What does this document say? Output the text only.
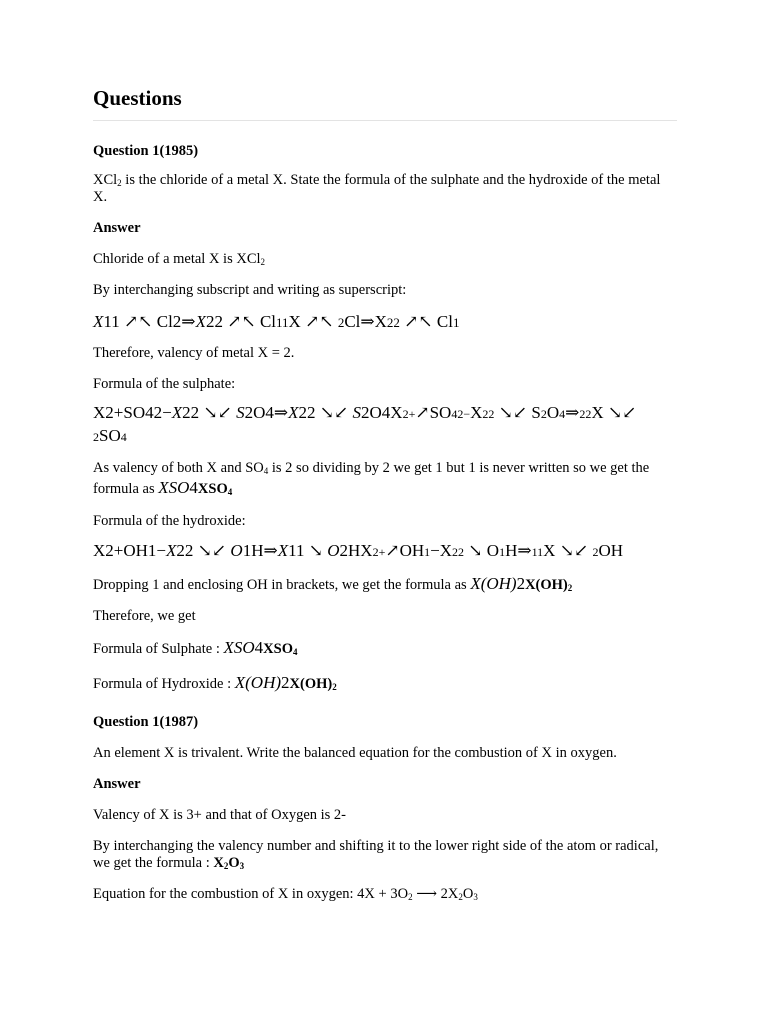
Questions
Question 1(1985)
XCl$_2$ is the chloride of a metal X. State the formula of the sulphate and the hydroxide of the metal X.
Answer
Chloride of a metal X is XCl$_2$
By interchanging subscript and writing as superscript:
X11 ↗↖ Cl2⇒X22 ↗↖ Cl11X ↗↖ 2Cl⇒X22 ↗↖ Cl1
Therefore, valency of metal X = 2.
Formula of the sulphate:
X2+SO42−X22 ↘↙ S2O4⇒X22 ↘↙ S2O4X2+↗SO42−X22 ↘↙ S2O4⇒22X ↘↙
2SO4
As valency of both X and $SO_4$ is 2 so dividing by 2 we get 1 but 1 is never written so we get the formula as $XSO4XSO_4$
Formula of the hydroxide:
X2+OH1−X22 ↘↙ O1H⇒X11 ↘ O2HX2+↗OH1−X22 ↘ O1H⇒11X ↘↙ 2OH
Dropping 1 and enclosing OH in brackets, we get the formula as $X(OH)2X(OH)_2$
Therefore, we get
Formula of Sulphate : $XSO4XSO_4$
Formula of Hydroxide : $X(OH)2X(OH)_2$
Question 1(1987)
An element X is trivalent. Write the balanced equation for the combustion of X in oxygen.
Answer
Valency of X is 3+ and that of Oxygen is 2-
By interchanging the valency number and shifting it to the lower right side of the atom or radical, we get the formula : $X_2O_3$
Equation for the combustion of X in oxygen: $4X + 3O_2$ ⟶ $2X_2O_3$
